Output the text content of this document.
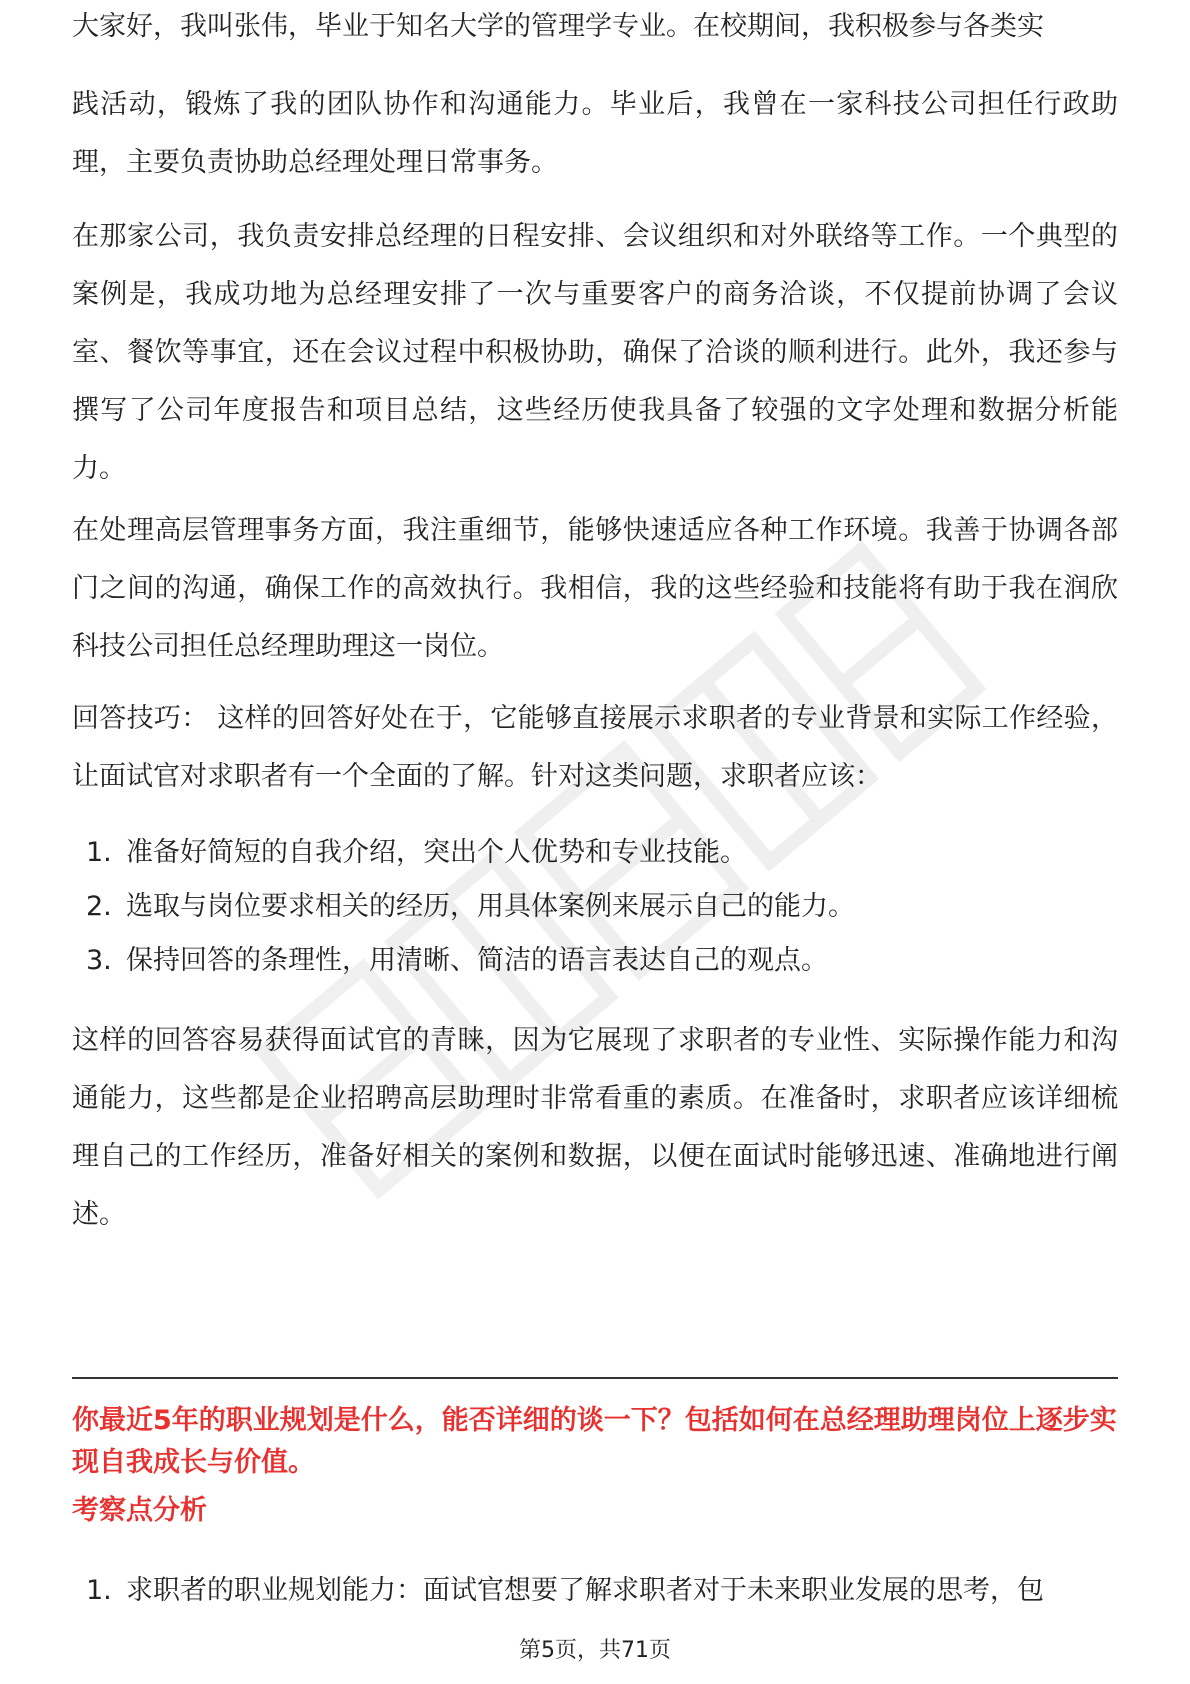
大家好，我叫张伟，毕业于知名大学的管理学专业。在校期间，我积极参与各类实

践活动，锻炼了我的团队协作和沟通能力。毕业后，我曾在一家科技公司担任行政助理，主要负责协助总经理处理日常事务。

在那家公司，我负责安排总经理的日程安排、会议组织和对外联络等工作。一个典型的案例是，我成功地为总经理安排了一次与重要客户的商务洽谈，不仅提前协调了会议室、餐饮等事宜，还在会议过程中积极协助，确保了洽谈的顺利进行。此外，我还参与撰写了公司年度报告和项目总结，这些经历使我具备了较强的文字处理和数据分析能力。

在处理高层管理事务方面，我注重细节，能够快速适应各种工作环境。我善于协调各部门之间的沟通，确保工作的高效执行。我相信，我的这些经验和技能将有助于我在润欣科技公司担任总经理助理这一岗位。

回答技巧： 这样的回答好处在于，它能够直接展示求职者的专业背景和实际工作经验，让面试官对求职者有一个全面的了解。针对这类问题，求职者应该：

1. 准备好简短的自我介绍，突出个人优势和专业技能。
2. 选取与岗位要求相关的经历，用具体案例来展示自己的能力。
3. 保持回答的条理性，用清晰、简洁的语言表达自己的观点。

这样的回答容易获得面试官的青睐，因为它展现了求职者的专业性、实际操作能力和沟通能力，这些都是企业招聘高层助理时非常看重的素质。在准备时，求职者应该详细梳理自己的工作经历，准备好相关的案例和数据，以便在面试时能够迅速、准确地进行阐述。

你最近5年的职业规划是什么，能否详细的谈一下？包括如何在总经理助理岗位上逐步实现自我成长与价值。
考察点分析
1. 求职者的职业规划能力：面试官想要了解求职者对于未来职业发展的思考，包
第5页，共71页
